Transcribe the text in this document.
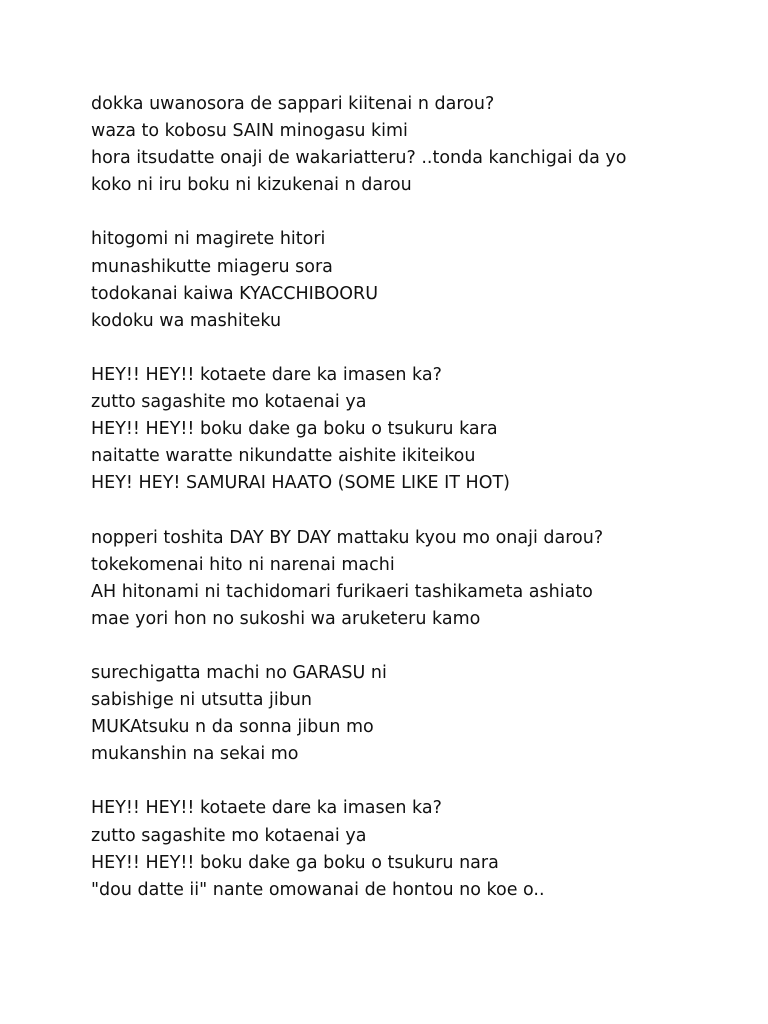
dokka uwanosora de sappari kiitenai n darou?
waza to kobosu SAIN minogasu kimi
hora itsudatte onaji de wakariatteru? ..tonda kanchigai da yo
koko ni iru boku ni kizukenai n darou
hitogomi ni magirete hitori
munashikutte miageru sora
todokanai kaiwa KYACCHIBOORU
kodoku wa mashiteku
HEY!! HEY!! kotaete dare ka imasen ka?
zutto sagashite mo kotaenai ya
HEY!! HEY!! boku dake ga boku o tsukuru kara
naitatte waratte nikundatte aishite ikiteikou
HEY! HEY! SAMURAI HAATO (SOME LIKE IT HOT)
nopperi toshita DAY BY DAY mattaku kyou mo onaji darou?
tokekomenai hito ni narenai machi
AH hitonami ni tachidomari furikaeri tashikameta ashiato
mae yori hon no sukoshi wa aruketeru kamo
surechigatta machi no GARASU ni
sabishige ni utsutta jibun
MUKAtsuku n da sonna jibun mo
mukanshin na sekai mo
HEY!! HEY!! kotaete dare ka imasen ka?
zutto sagashite mo kotaenai ya
HEY!! HEY!! boku dake ga boku o tsukuru nara
"dou datte ii" nante omowanai de hontou no koe o..
